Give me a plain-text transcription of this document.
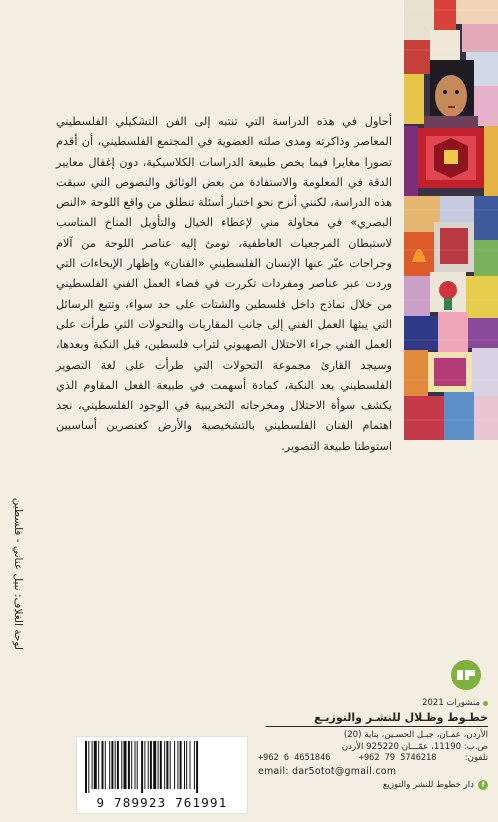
أحاول في هذه الدراسة التي تنتبه إلى الفن التشكيلي الفلسطيني المعاصر وذاكرته ومدى صلته العضوية في المجتمع الفلسطيني، أن أقدم تصورا مغايرا فيما يخص طبيعة الدراسات الكلاسيكية، دون إغفال معايير الدقة في المعلومة والاستفادة من بعض الوثائق والنصوص التي سبقت هذه الدراسة، لكنني أنزح نحو اختبار أسئلة تنطلق من واقع اللوحة «النص البصري» في محاولة مني لإعطاء الخيال والتأويل المناخ المناسب لاستبطان المرجعيات العاطفية، تومئ إليه عناصر اللوحة من آلام وجراحات عبّر عنها الإنسان الفلسطيني «الفنان» وإظهار الإيحاءات التي وردت عبر عناصر ومفردات تكررت في فضاء العمل الفني الفلسطيني من خلال نماذج داخل فلسطين والشتات على حد سواء، وتتبع الرسائل التي يبثها العمل الفني إلى جانب المقاربات والتحولات التي طرأت على العمل الفني جراء الاحتلال الصهيوني لتراب فلسطين، قبل النكبة وبعدها، وسيجد القارئ مجموعة التحولات التي طرأت على لغة التصوير الفلسطيني بعد النكبة، كمادة أسهمت في طبيعة الفعل المقاوم الذي يكشف سوأة الاحتلال ومخرجاته التخريبية في الوجود الفلسطيني، نجد اهتمام الفنان الفلسطيني بالتشخيصية والأرض كعنصرين أساسيين استوطنا طبيعة التصوير.

لوحة الغلاف: نبيل عناني - فلسطين
منشورات 2021
خطـوط وظـلال للنشـر والتوزيـع
الأردن، عمـان، جبـل الحسـين، بناية (20)
ص.ب: 11190، عمّـــان 925220 الأردن
+962 6 4651846	+962 79 5746218	تلفون:
email: dar5otot@gmail.com
f
دار خطوط للنشر والتوزيع
9 789923 761991
